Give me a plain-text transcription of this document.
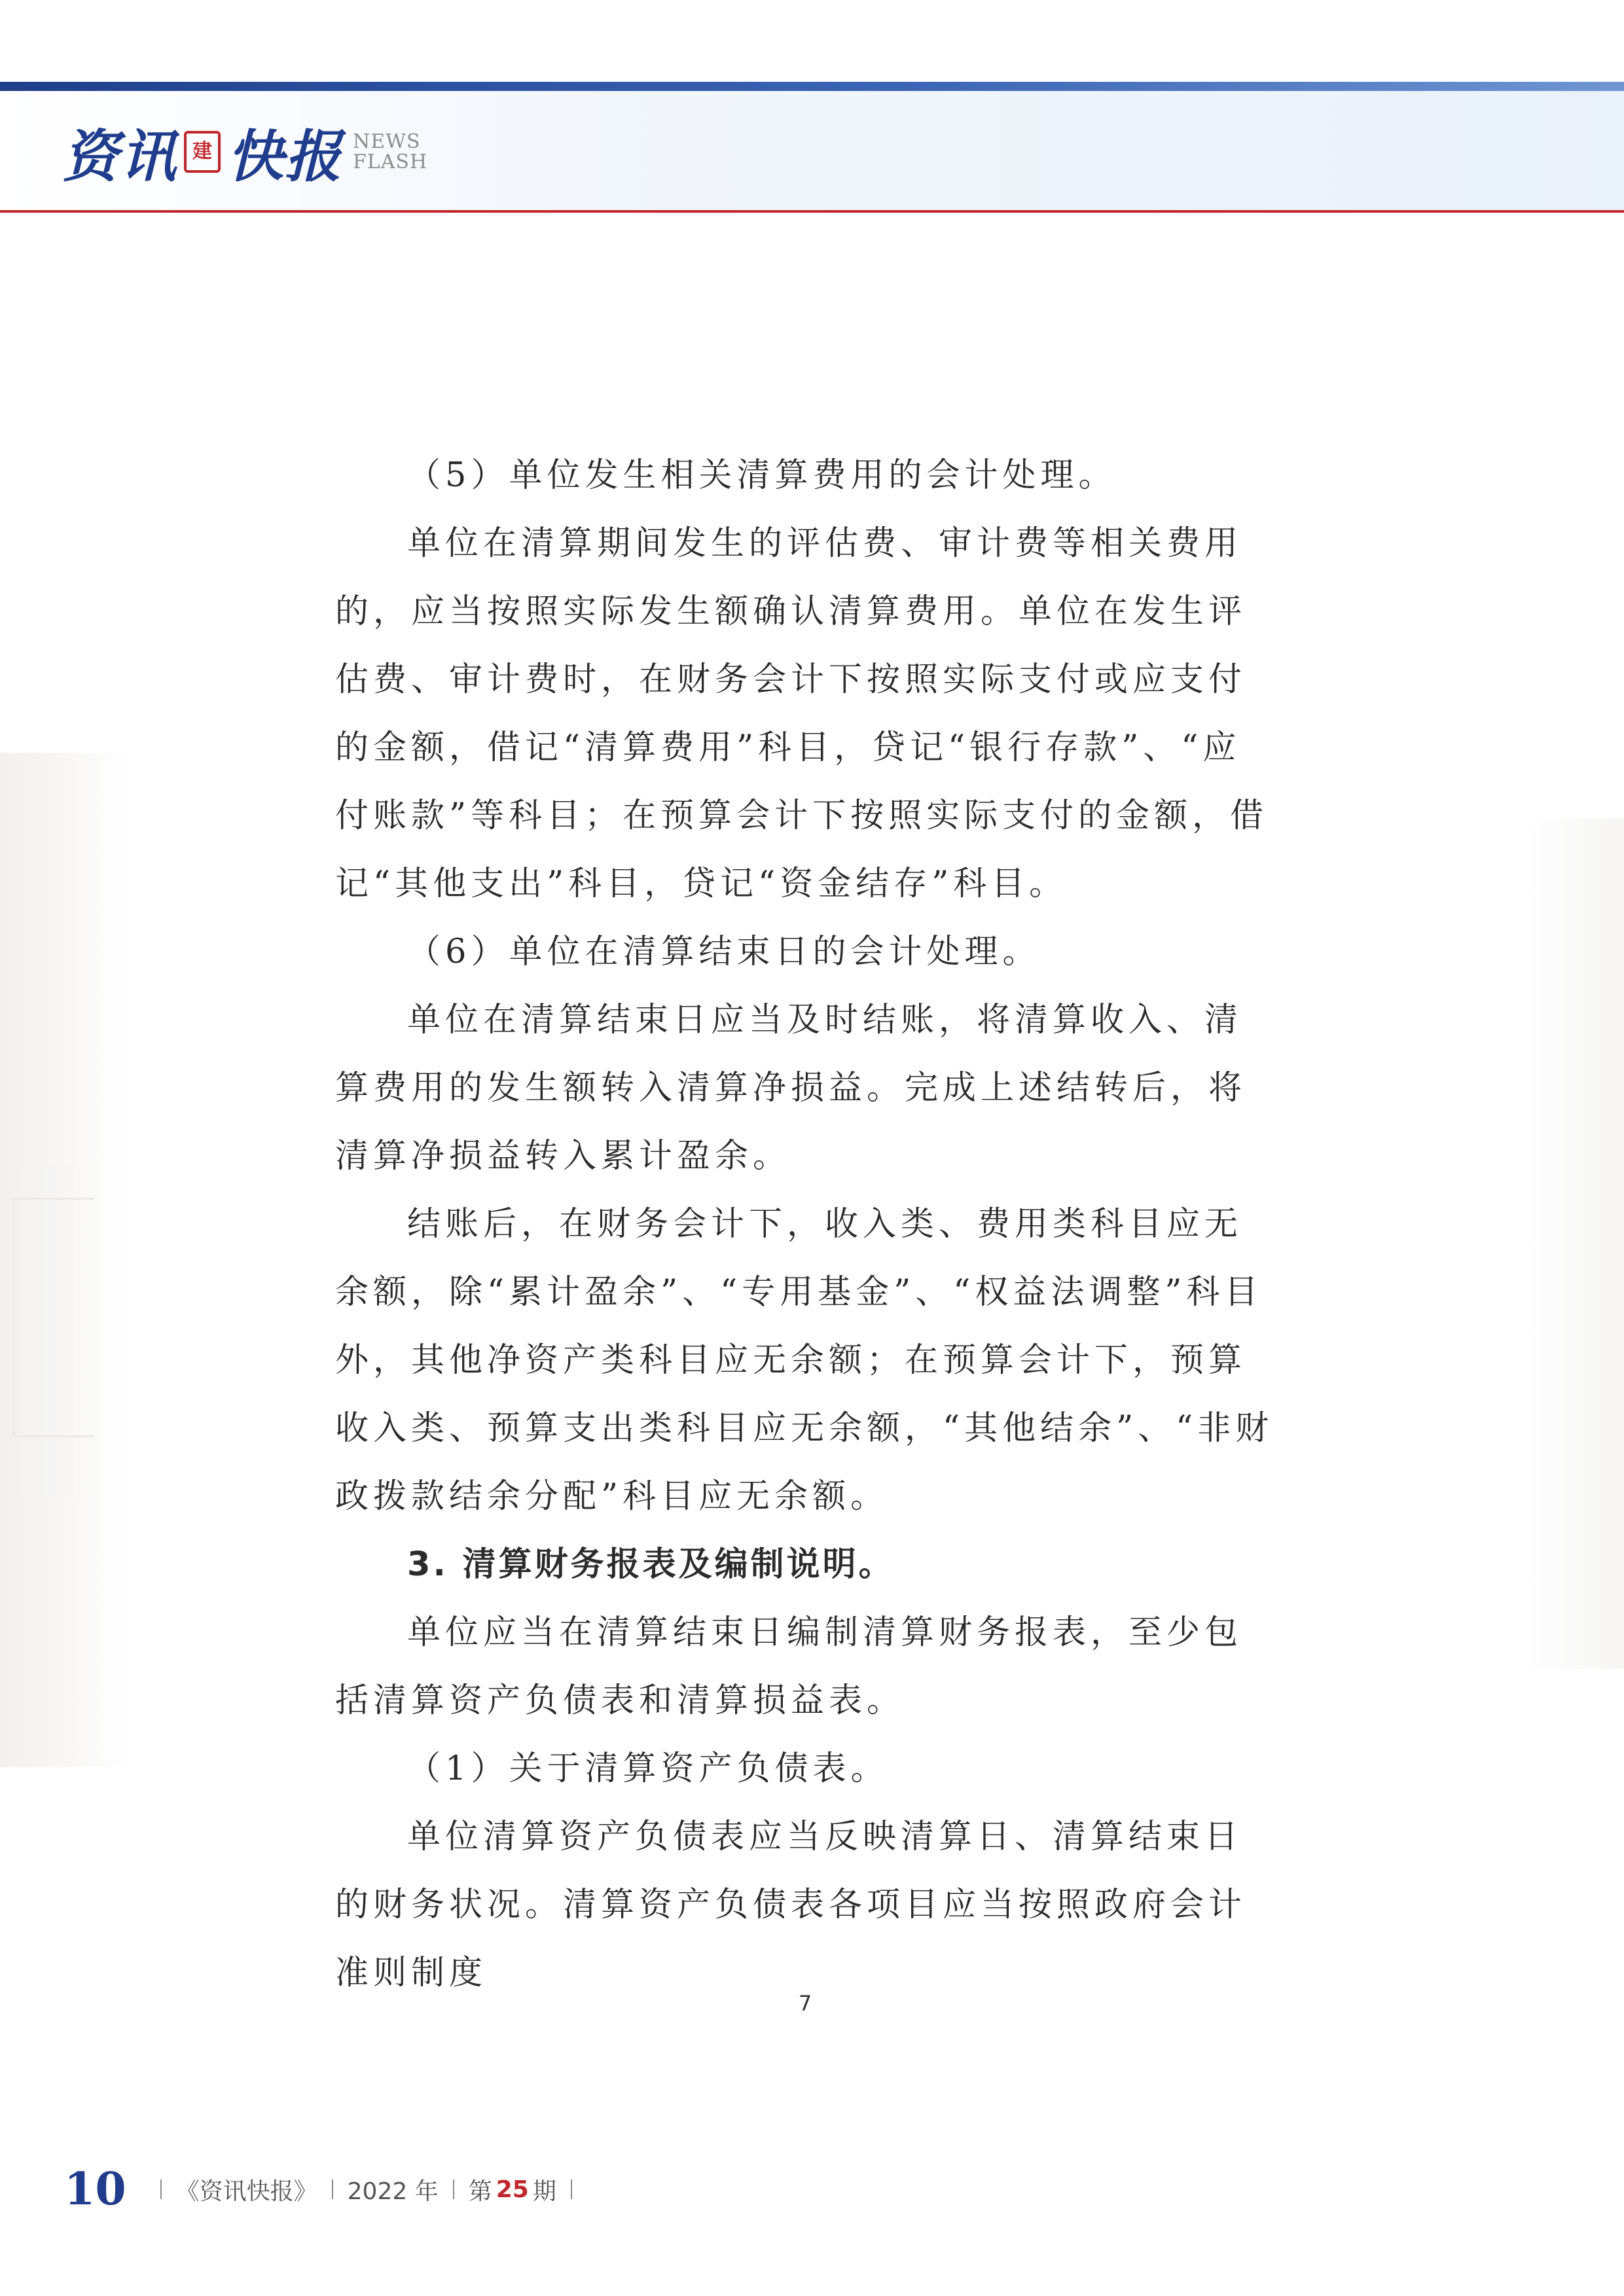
资讯 建 快报 NEWS
FLASH

（5）单位发生相关清算费用的会计处理。

单位在清算期间发生的评估费、审计费等相关费用的，应当按照实际发生额确认清算费用。单位在发生评估费、审计费时，在财务会计下按照实际支付或应支付的金额，借记“清算费用”科目，贷记“银行存款”、“应付账款”等科目；在预算会计下按照实际支付的金额，借记“其他支出”科目，贷记“资金结存”科目。

（6）单位在清算结束日的会计处理。

单位在清算结束日应当及时结账，将清算收入、清算费用的发生额转入清算净损益。完成上述结转后，将清算净损益转入累计盈余。

结账后，在财务会计下，收入类、费用类科目应无余额，除“累计盈余”、“专用基金”、“权益法调整”科目外，其他净资产类科目应无余额；在预算会计下，预算收入类、预算支出类科目应无余额，“其他结余”、“非财政拨款结余分配”科目应无余额。

3. 清算财务报表及编制说明。

单位应当在清算结束日编制清算财务报表，至少包括清算资产负债表和清算损益表。

（1）关于清算资产负债表。

单位清算资产负债表应当反映清算日、清算结束日的财务状况。清算资产负债表各项目应当按照政府会计准则制度

7
10 《资讯快报》 2022 年 第 25 期
